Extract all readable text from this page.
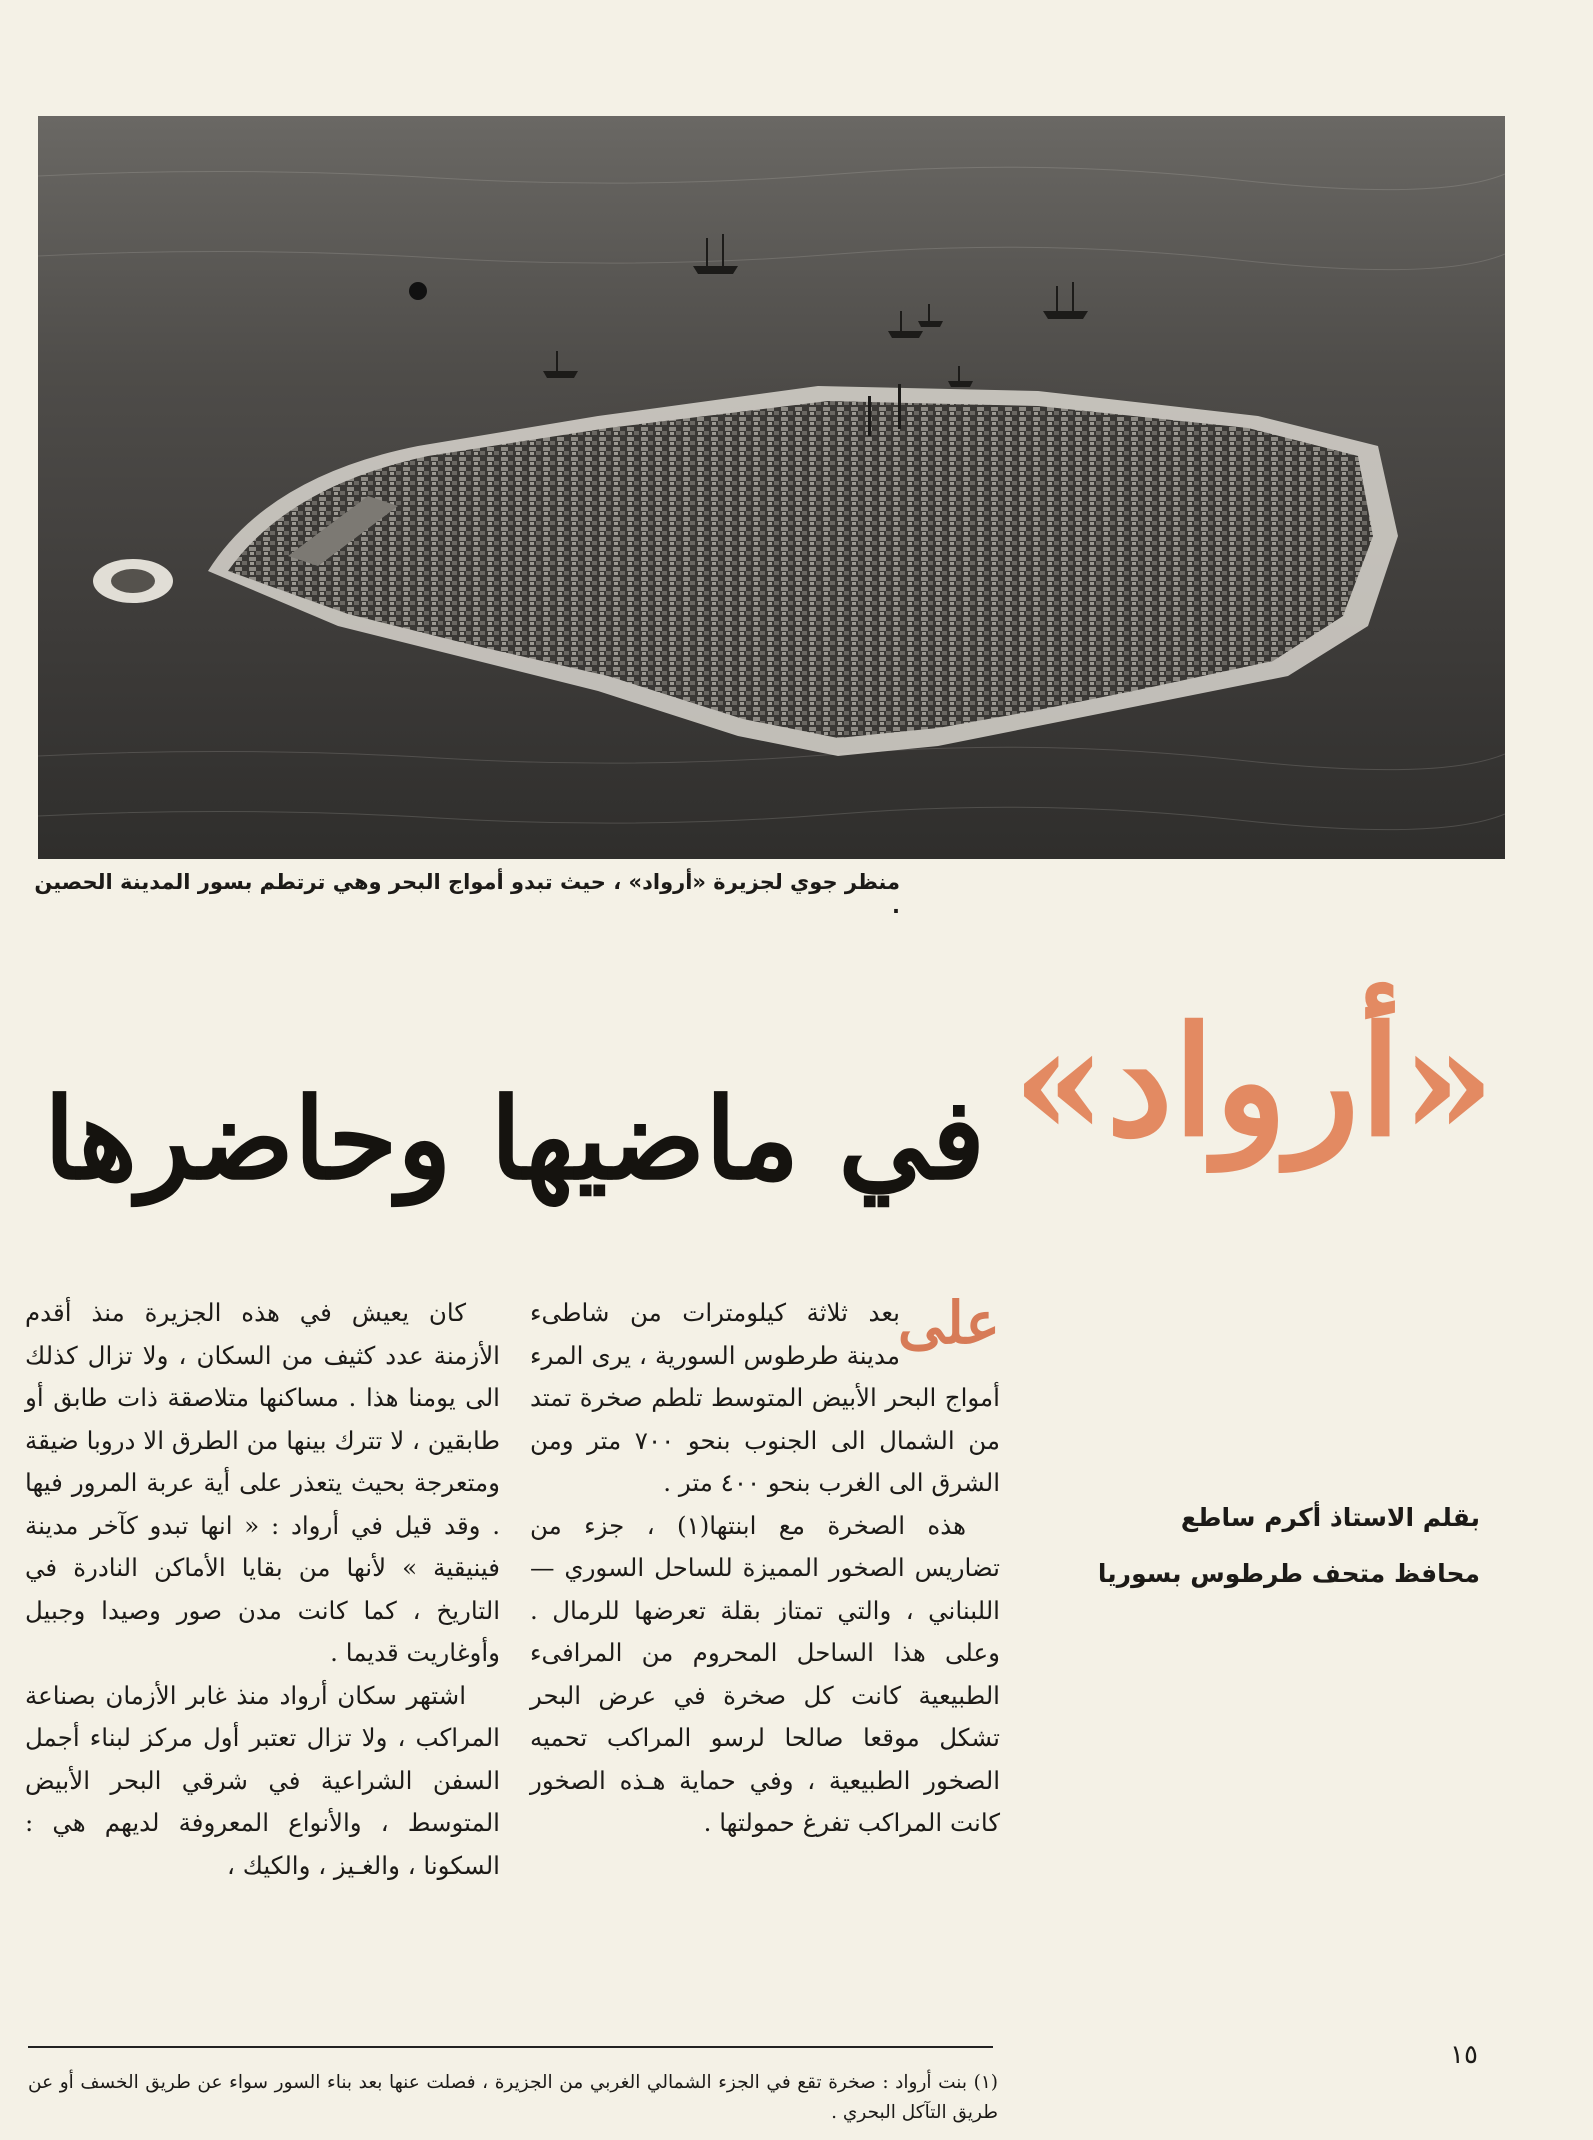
منظر جوي لجزيرة «أرواد» ، حيث تبدو أمواج البحر وهي ترتطم بسور المدينة الحصين .
«أرواد»
في ماضيها وحاضرها
على

بعد ثلاثة كيلومترات من شاطىء مدينة طرطوس السورية ، يرى المرء أمواج البحر الأبيض المتوسط تلطم صخرة تمتد من الشمال الى الجنوب بنحو ٧٠٠ متر ومن الشرق الى الغرب بنحو ٤٠٠ متر .

هذه الصخرة مع ابنتها(١) ، جزء من تضاريس الصخور المميزة للساحل السوري — اللبناني ، والتي تمتاز بقلة تعرضها للرمال . وعلى هذا الساحل المحروم من المرافىء الطبيعية كانت كل صخرة في عرض البحر تشكل موقعا صالحا لرسو المراكب تحميه الصخور الطبيعية ، وفي حماية هـذه الصخور كانت المراكب تفرغ حمولتها .

كان يعيش في هذه الجزيرة منذ أقدم الأزمنة عدد كثيف من السكان ، ولا تزال كذلك الى يومنا هذا . مساكنها متلاصقة ذات طابق أو طابقين ، لا تترك بينها من الطرق الا دروبا ضيقة ومتعرجة بحيث يتعذر على أية عربة المرور فيها . وقد قيل في أرواد : « انها تبدو كآخر مدينة فينيقية » لأنها من بقايا الأماكن النادرة في التاريخ ، كما كانت مدن صور وصيدا وجبيل وأوغاريت قديما .

اشتهر سكان أرواد منذ غابر الأزمان بصناعة المراكب ، ولا تزال تعتبر أول مركز لبناء أجمل السفن الشراعية في شرقي البحر الأبيض المتوسط ، والأنواع المعروفة لديهم هي : السكونا ، والغـيز ، والكيك ،

بقلم الاستاذ أكرم ساطع
محافظ متحف طرطوس بسوريا
(١) بنت أرواد : صخرة تقع في الجزء الشمالي الغربي من الجزيرة ، فصلت عنها بعد بناء السور سواء عن طريق الخسف أو عن طريق التآكل البحري .
١٥
